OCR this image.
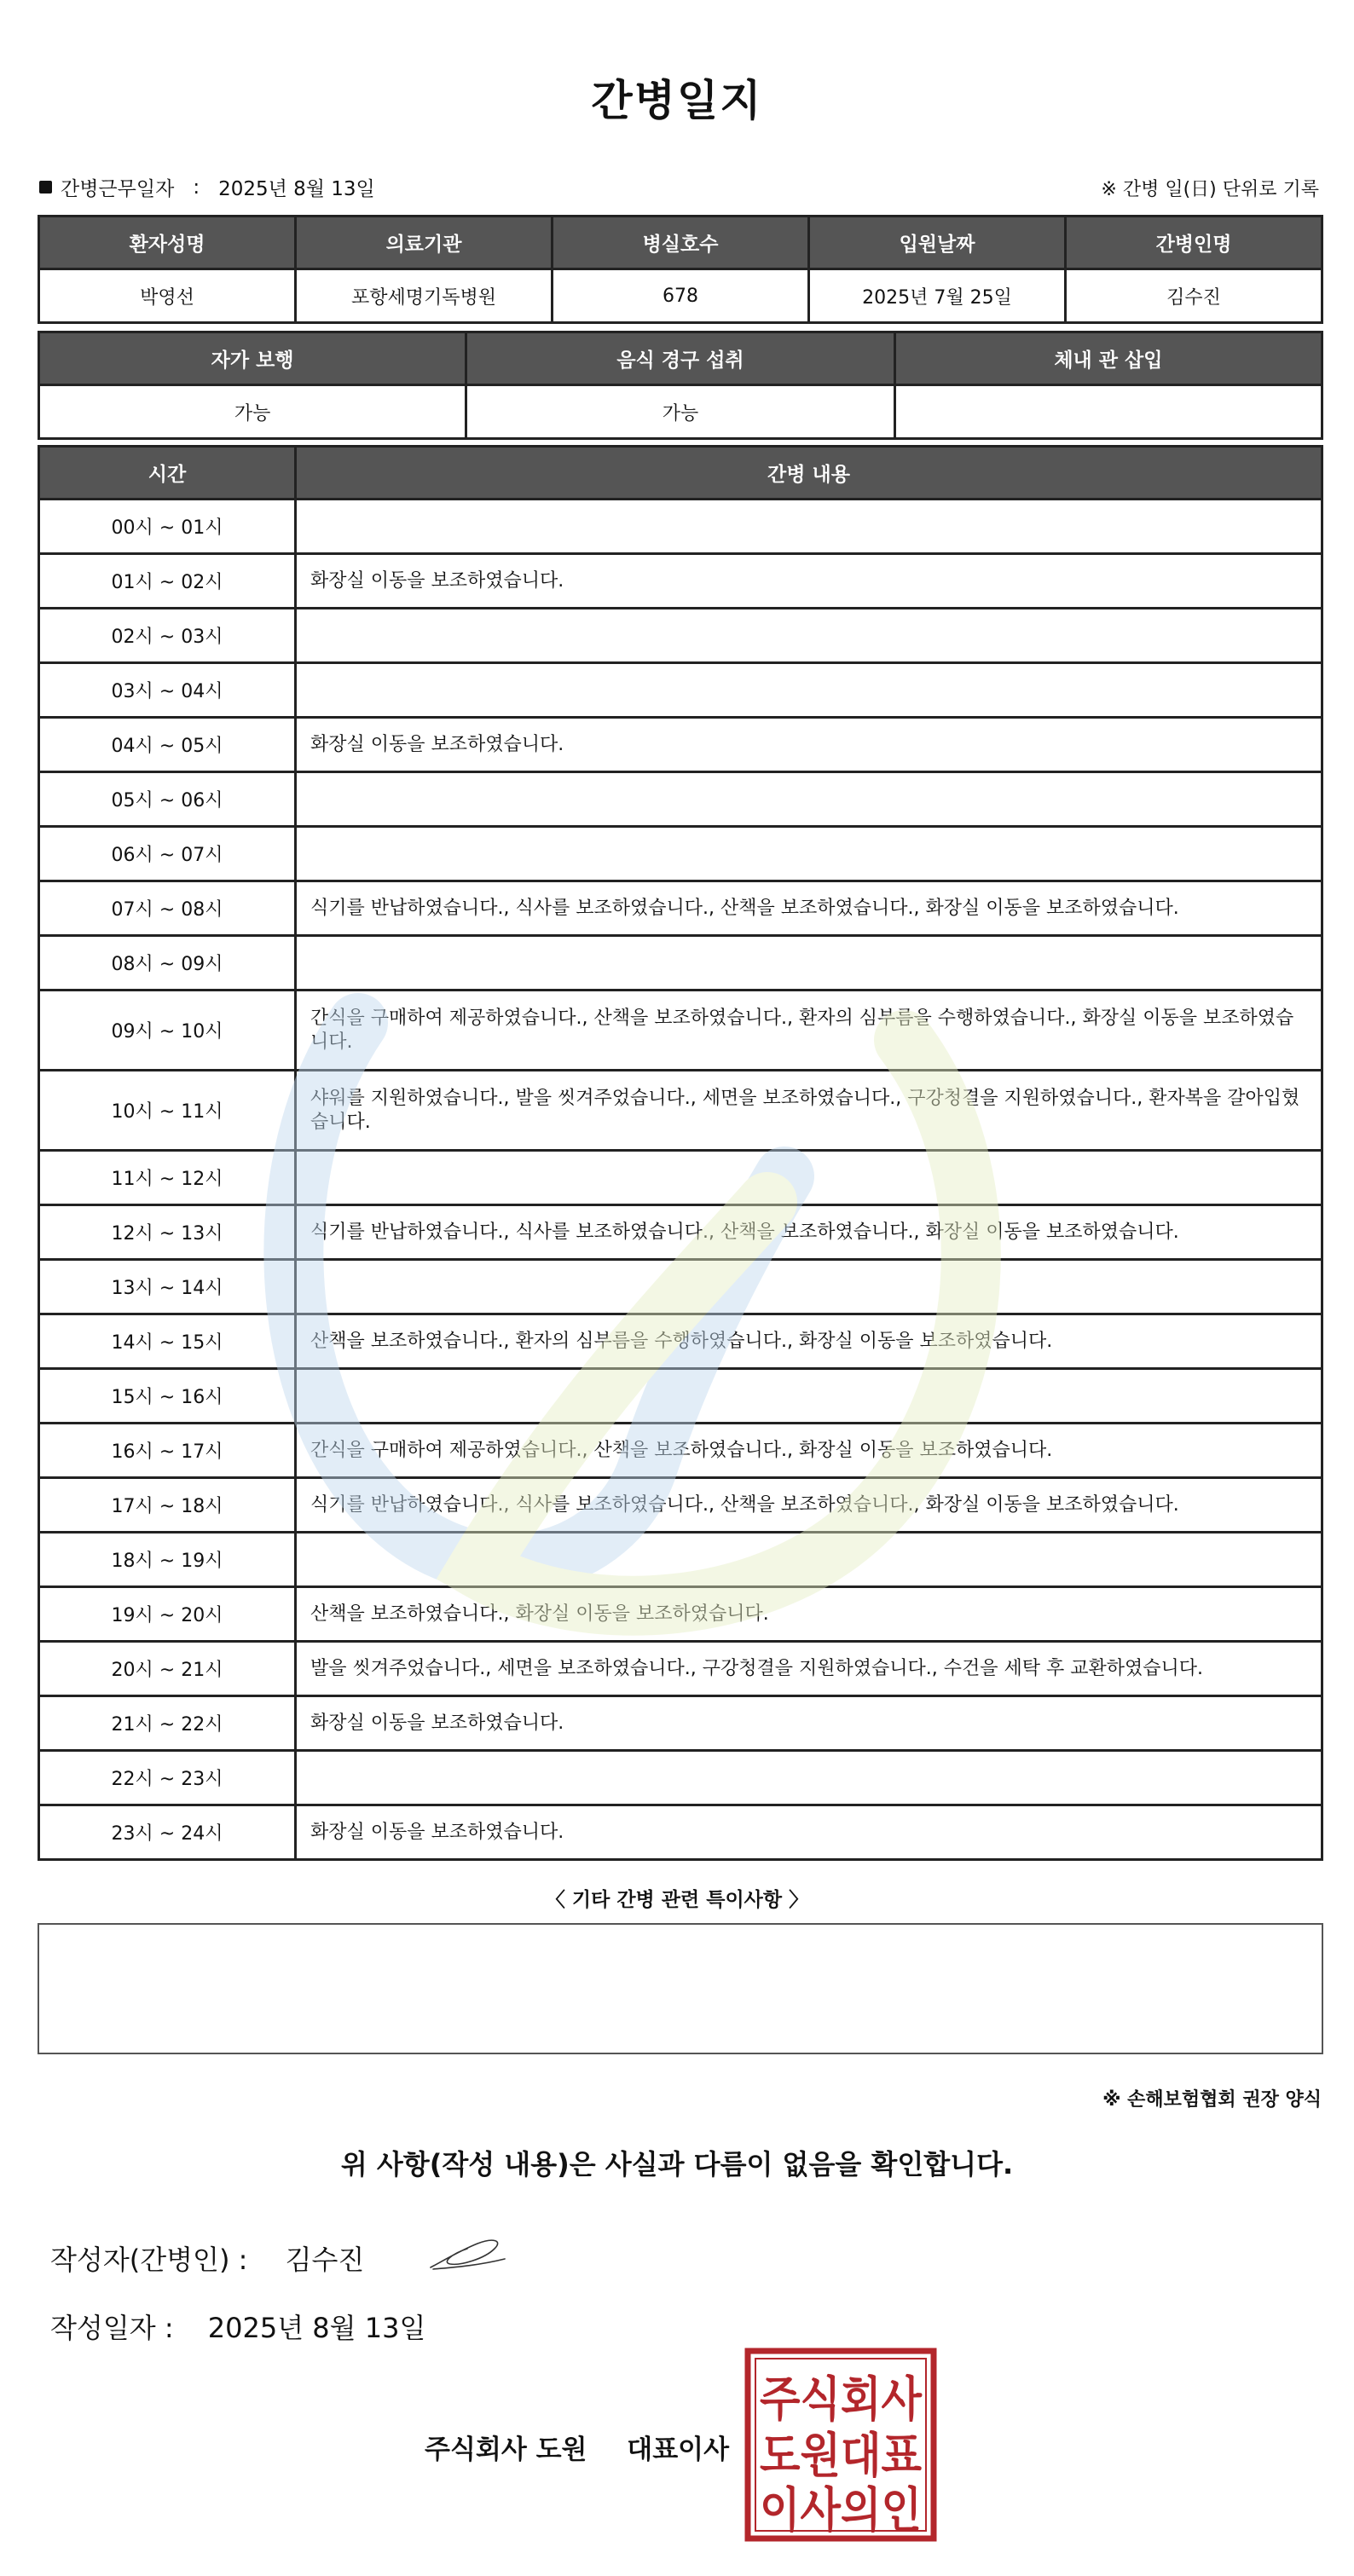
간병일지
간병근무일자 : 2025년 8월 13일	※ 간병 일(日) 단위로 기록
환자성명	의료기관	병실호수	입원날짜	간병인명
박영선	포항세명기독병원	678	2025년 7월 25일	김수진
자가 보행	음식 경구 섭취	체내 관 삽입
가능	가능	
시간	간병 내용
00시 ~ 01시	
01시 ~ 02시	화장실 이동을 보조하였습니다.
02시 ~ 03시	
03시 ~ 04시	
04시 ~ 05시	화장실 이동을 보조하였습니다.
05시 ~ 06시	
06시 ~ 07시	
07시 ~ 08시	식기를 반납하였습니다., 식사를 보조하였습니다., 산책을 보조하였습니다., 화장실 이동을 보조하였습니다.
08시 ~ 09시	
09시 ~ 10시	간식을 구매하여 제공하였습니다., 산책을 보조하였습니다., 환자의 심부름을 수행하였습니다., 화장실 이동을 보조하였습니다.
10시 ~ 11시	샤워를 지원하였습니다., 발을 씻겨주었습니다., 세면을 보조하였습니다., 구강청결을 지원하였습니다., 환자복을 갈아입혔습니다.
11시 ~ 12시	
12시 ~ 13시	식기를 반납하였습니다., 식사를 보조하였습니다., 산책을 보조하였습니다., 화장실 이동을 보조하였습니다.
13시 ~ 14시	
14시 ~ 15시	산책을 보조하였습니다., 환자의 심부름을 수행하였습니다., 화장실 이동을 보조하였습니다.
15시 ~ 16시	
16시 ~ 17시	간식을 구매하여 제공하였습니다., 산책을 보조하였습니다., 화장실 이동을 보조하였습니다.
17시 ~ 18시	식기를 반납하였습니다., 식사를 보조하였습니다., 산책을 보조하였습니다., 화장실 이동을 보조하였습니다.
18시 ~ 19시	
19시 ~ 20시	산책을 보조하였습니다., 화장실 이동을 보조하였습니다.
20시 ~ 21시	발을 씻겨주었습니다., 세면을 보조하였습니다., 구강청결을 지원하였습니다., 수건을 세탁 후 교환하였습니다.
21시 ~ 22시	화장실 이동을 보조하였습니다.
22시 ~ 23시	
23시 ~ 24시	화장실 이동을 보조하였습니다.
〈 기타 간병 관련 특이사항 〉
※ 손해보험협회 권장 양식
위 사항(작성 내용)은 사실과 다름이 없음을 확인합니다.
작성자(간병인) : 김수진
작성일자 : 2025년 8월 13일
주식회사 도원 대표이사
주식회사
도원대표
이사의인
